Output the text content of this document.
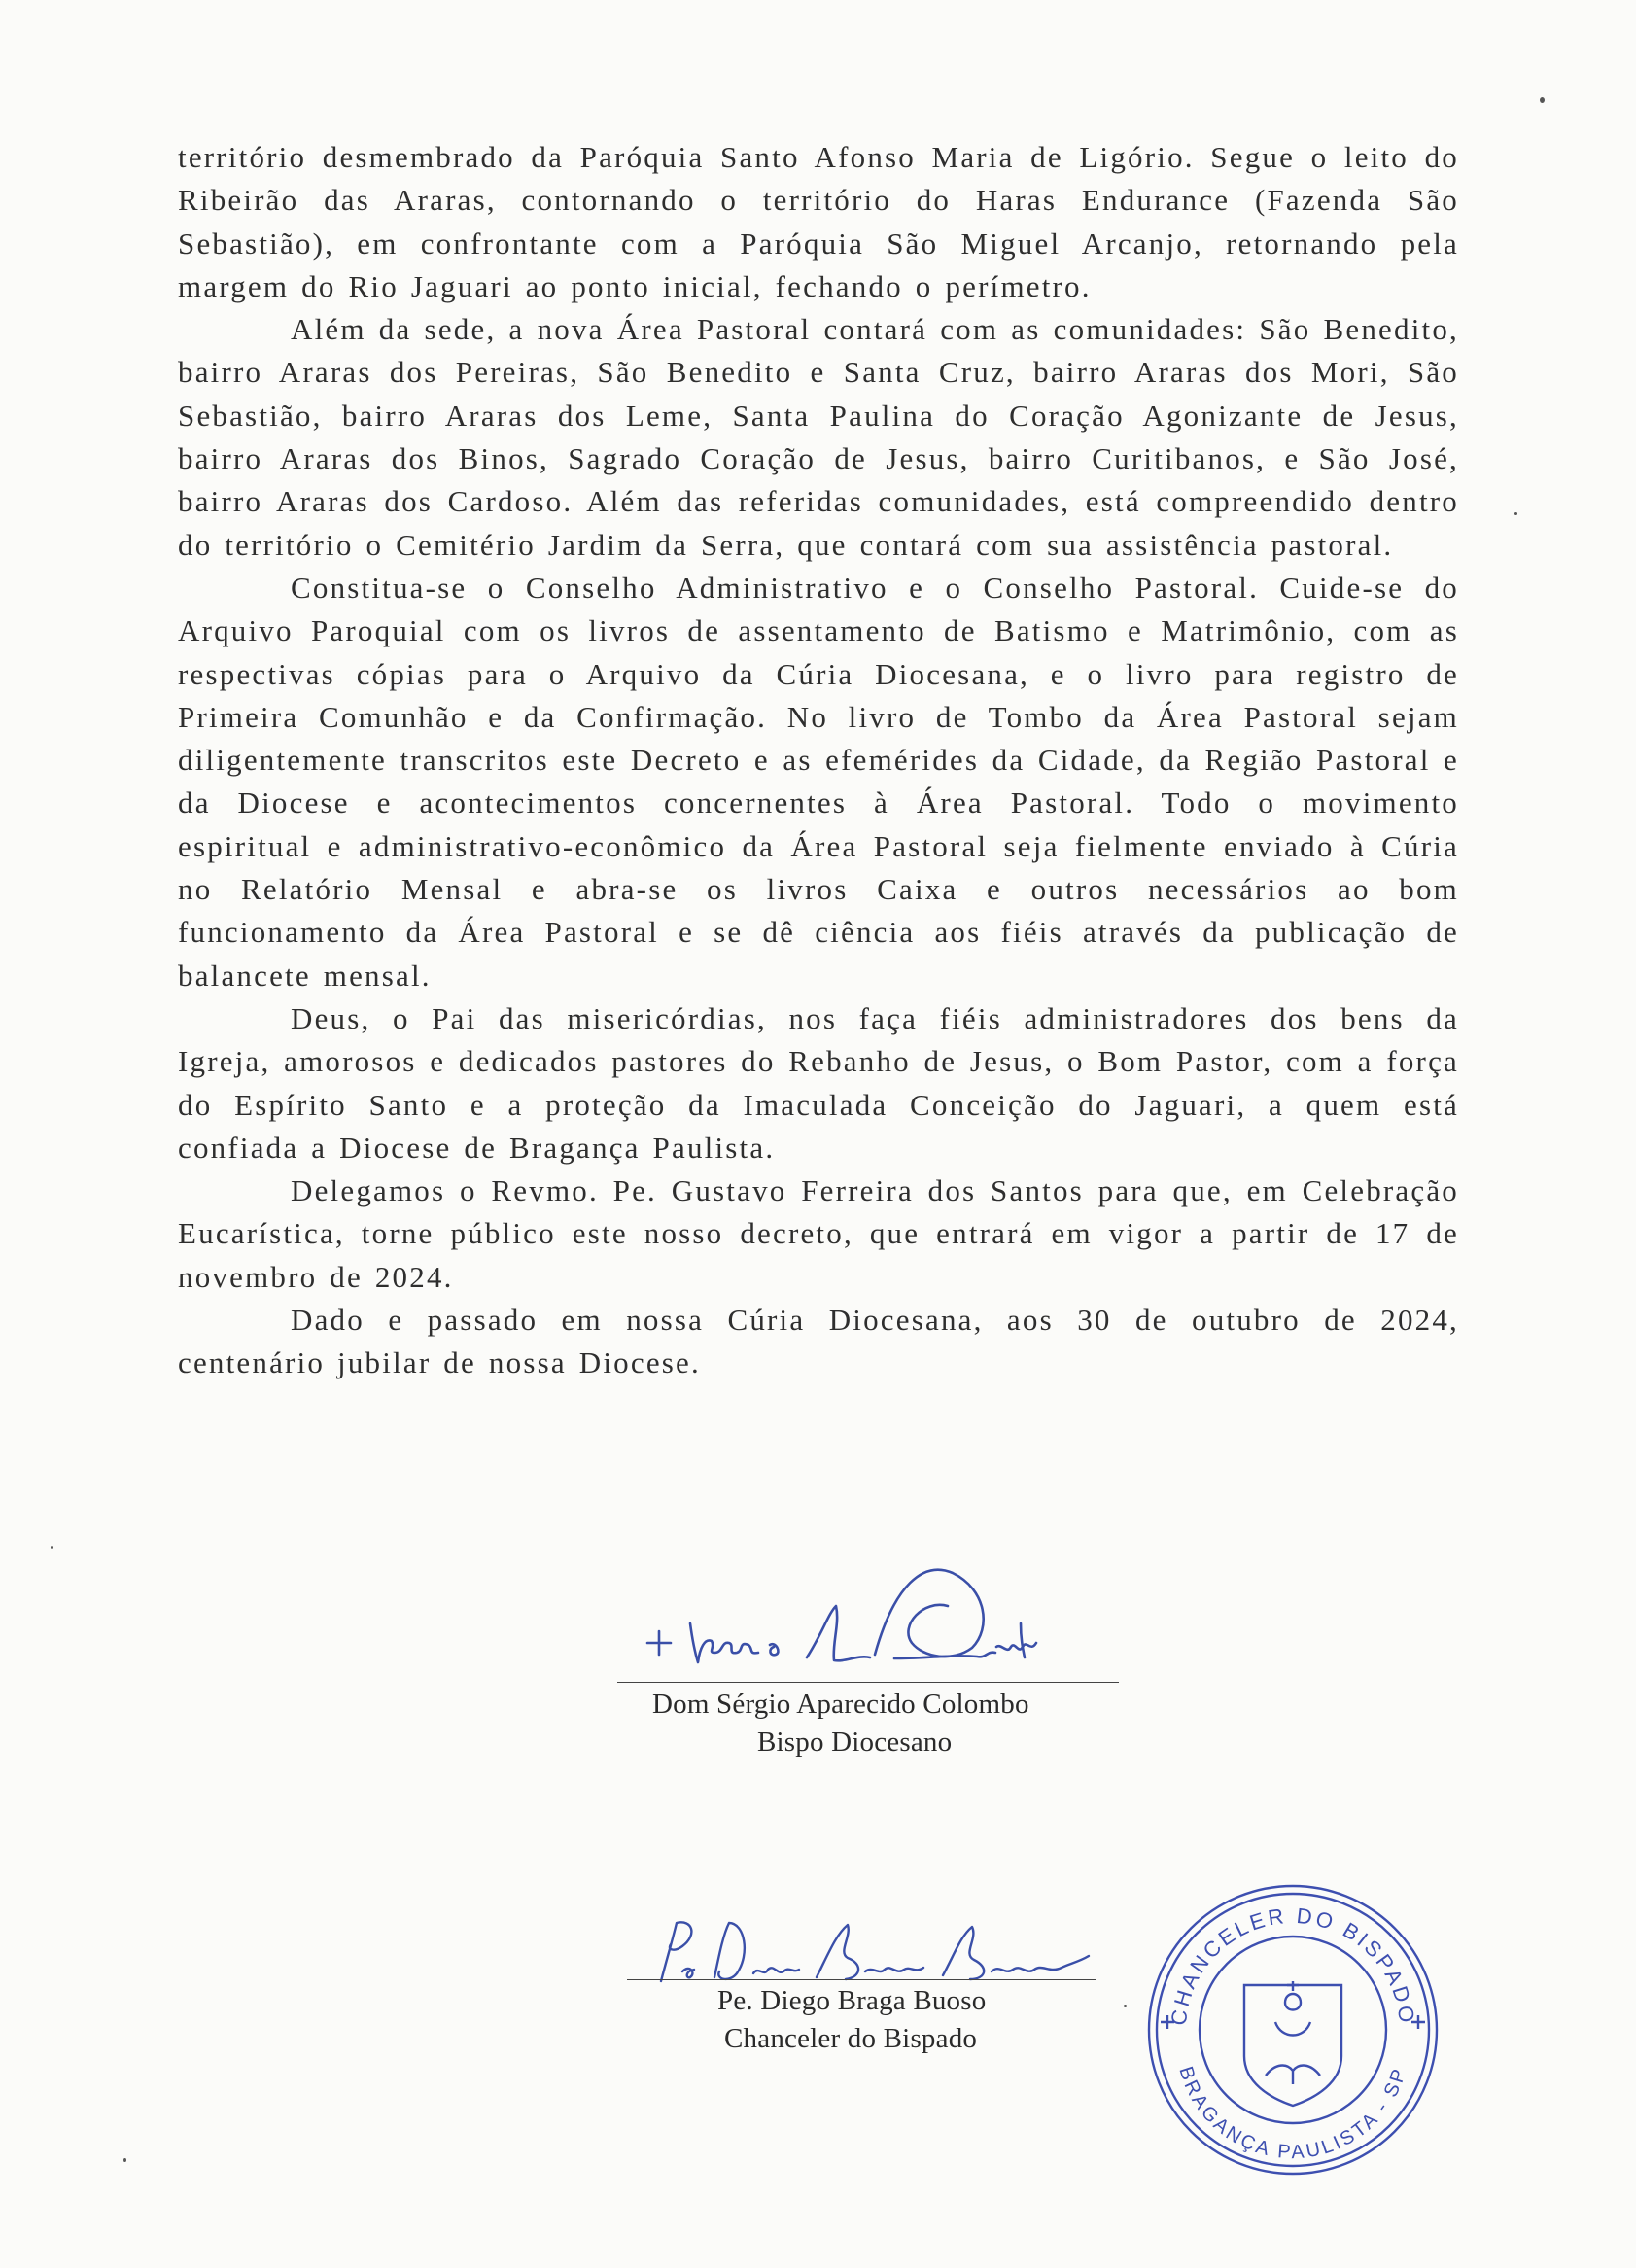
território desmembrado da Paróquia Santo Afonso Maria de Ligório. Segue o leito do Ribeirão das Araras, contornando o território do Haras Endurance (Fazenda São Sebastião), em confrontante com a Paróquia São Miguel Arcanjo, retornando pela margem do Rio Jaguari ao ponto inicial, fechando o perímetro.

Além da sede, a nova Área Pastoral contará com as comunidades: São Benedito, bairro Araras dos Pereiras, São Benedito e Santa Cruz, bairro Araras dos Mori, São Sebastião, bairro Araras dos Leme, Santa Paulina do Coração Agonizante de Jesus, bairro Araras dos Binos, Sagrado Coração de Jesus, bairro Curitibanos, e São José, bairro Araras dos Cardoso. Além das referidas comunidades, está compreendido dentro do território o Cemitério Jardim da Serra, que contará com sua assistência pastoral.

Constitua-se o Conselho Administrativo e o Conselho Pastoral. Cuide-se do Arquivo Paroquial com os livros de assentamento de Batismo e Matrimônio, com as respectivas cópias para o Arquivo da Cúria Diocesana, e o livro para registro de Primeira Comunhão e da Confirmação. No livro de Tombo da Área Pastoral sejam diligentemente transcritos este Decreto e as efemérides da Cidade, da Região Pastoral e da Diocese e acontecimentos concernentes à Área Pastoral. Todo o movimento espiritual e administrativo-econômico da Área Pastoral seja fielmente enviado à Cúria no Relatório Mensal e abra-se os livros Caixa e outros necessários ao bom funcionamento da Área Pastoral e se dê ciência aos fiéis através da publicação de balancete mensal.

Deus, o Pai das misericórdias, nos faça fiéis administradores dos bens da Igreja, amorosos e dedicados pastores do Rebanho de Jesus, o Bom Pastor, com a força do Espírito Santo e a proteção da Imaculada Conceição do Jaguari, a quem está confiada a Diocese de Bragança Paulista.

Delegamos o Revmo. Pe. Gustavo Ferreira dos Santos para que, em Celebração Eucarística, torne público este nosso decreto, que entrará em vigor a partir de 17 de novembro de 2024.

Dado e passado em nossa Cúria Diocesana, aos 30 de outubro de 2024, centenário jubilar de nossa Diocese.

Dom Sérgio Aparecido Colombo
Bispo Diocesano
Pe. Diego Braga Buoso
Chanceler do Bispado
CHANCELER DO BISPADO
BRAGANÇA PAULISTA - SP
